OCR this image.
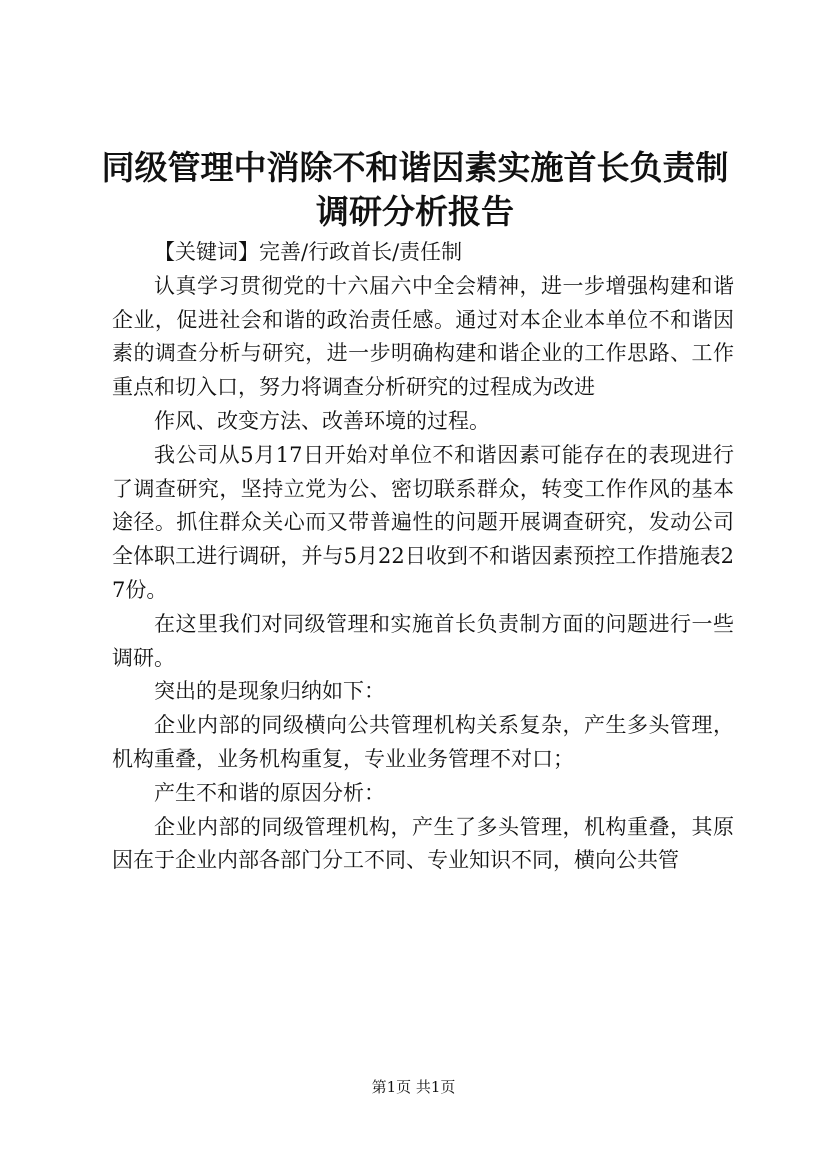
同级管理中消除不和谐因素实施首长负责制调研分析报告

【关键词】完善/行政首长/责任制

认真学习贯彻党的十六届六中全会精神，进一步增强构建和谐企业，促进社会和谐的政治责任感。通过对本企业本单位不和谐因素的调查分析与研究，进一步明确构建和谐企业的工作思路、工作重点和切入口，努力将调查分析研究的过程成为改进

作风、改变方法、改善环境的过程。

我公司从5月17日开始对单位不和谐因素可能存在的表现进行了调查研究，坚持立党为公、密切联系群众，转变工作作风的基本途径。抓住群众关心而又带普遍性的问题开展调查研究，发动公司全体职工进行调研，并与5月22日收到不和谐因素预控工作措施表27份。

在这里我们对同级管理和实施首长负责制方面的问题进行一些调研。

突出的是现象归纳如下：

企业内部的同级横向公共管理机构关系复杂，产生多头管理，机构重叠，业务机构重复，专业业务管理不对口；

产生不和谐的原因分析：

企业内部的同级管理机构，产生了多头管理，机构重叠，其原因在于企业内部各部门分工不同、专业知识不同，横向公共管

第1页 共1页
